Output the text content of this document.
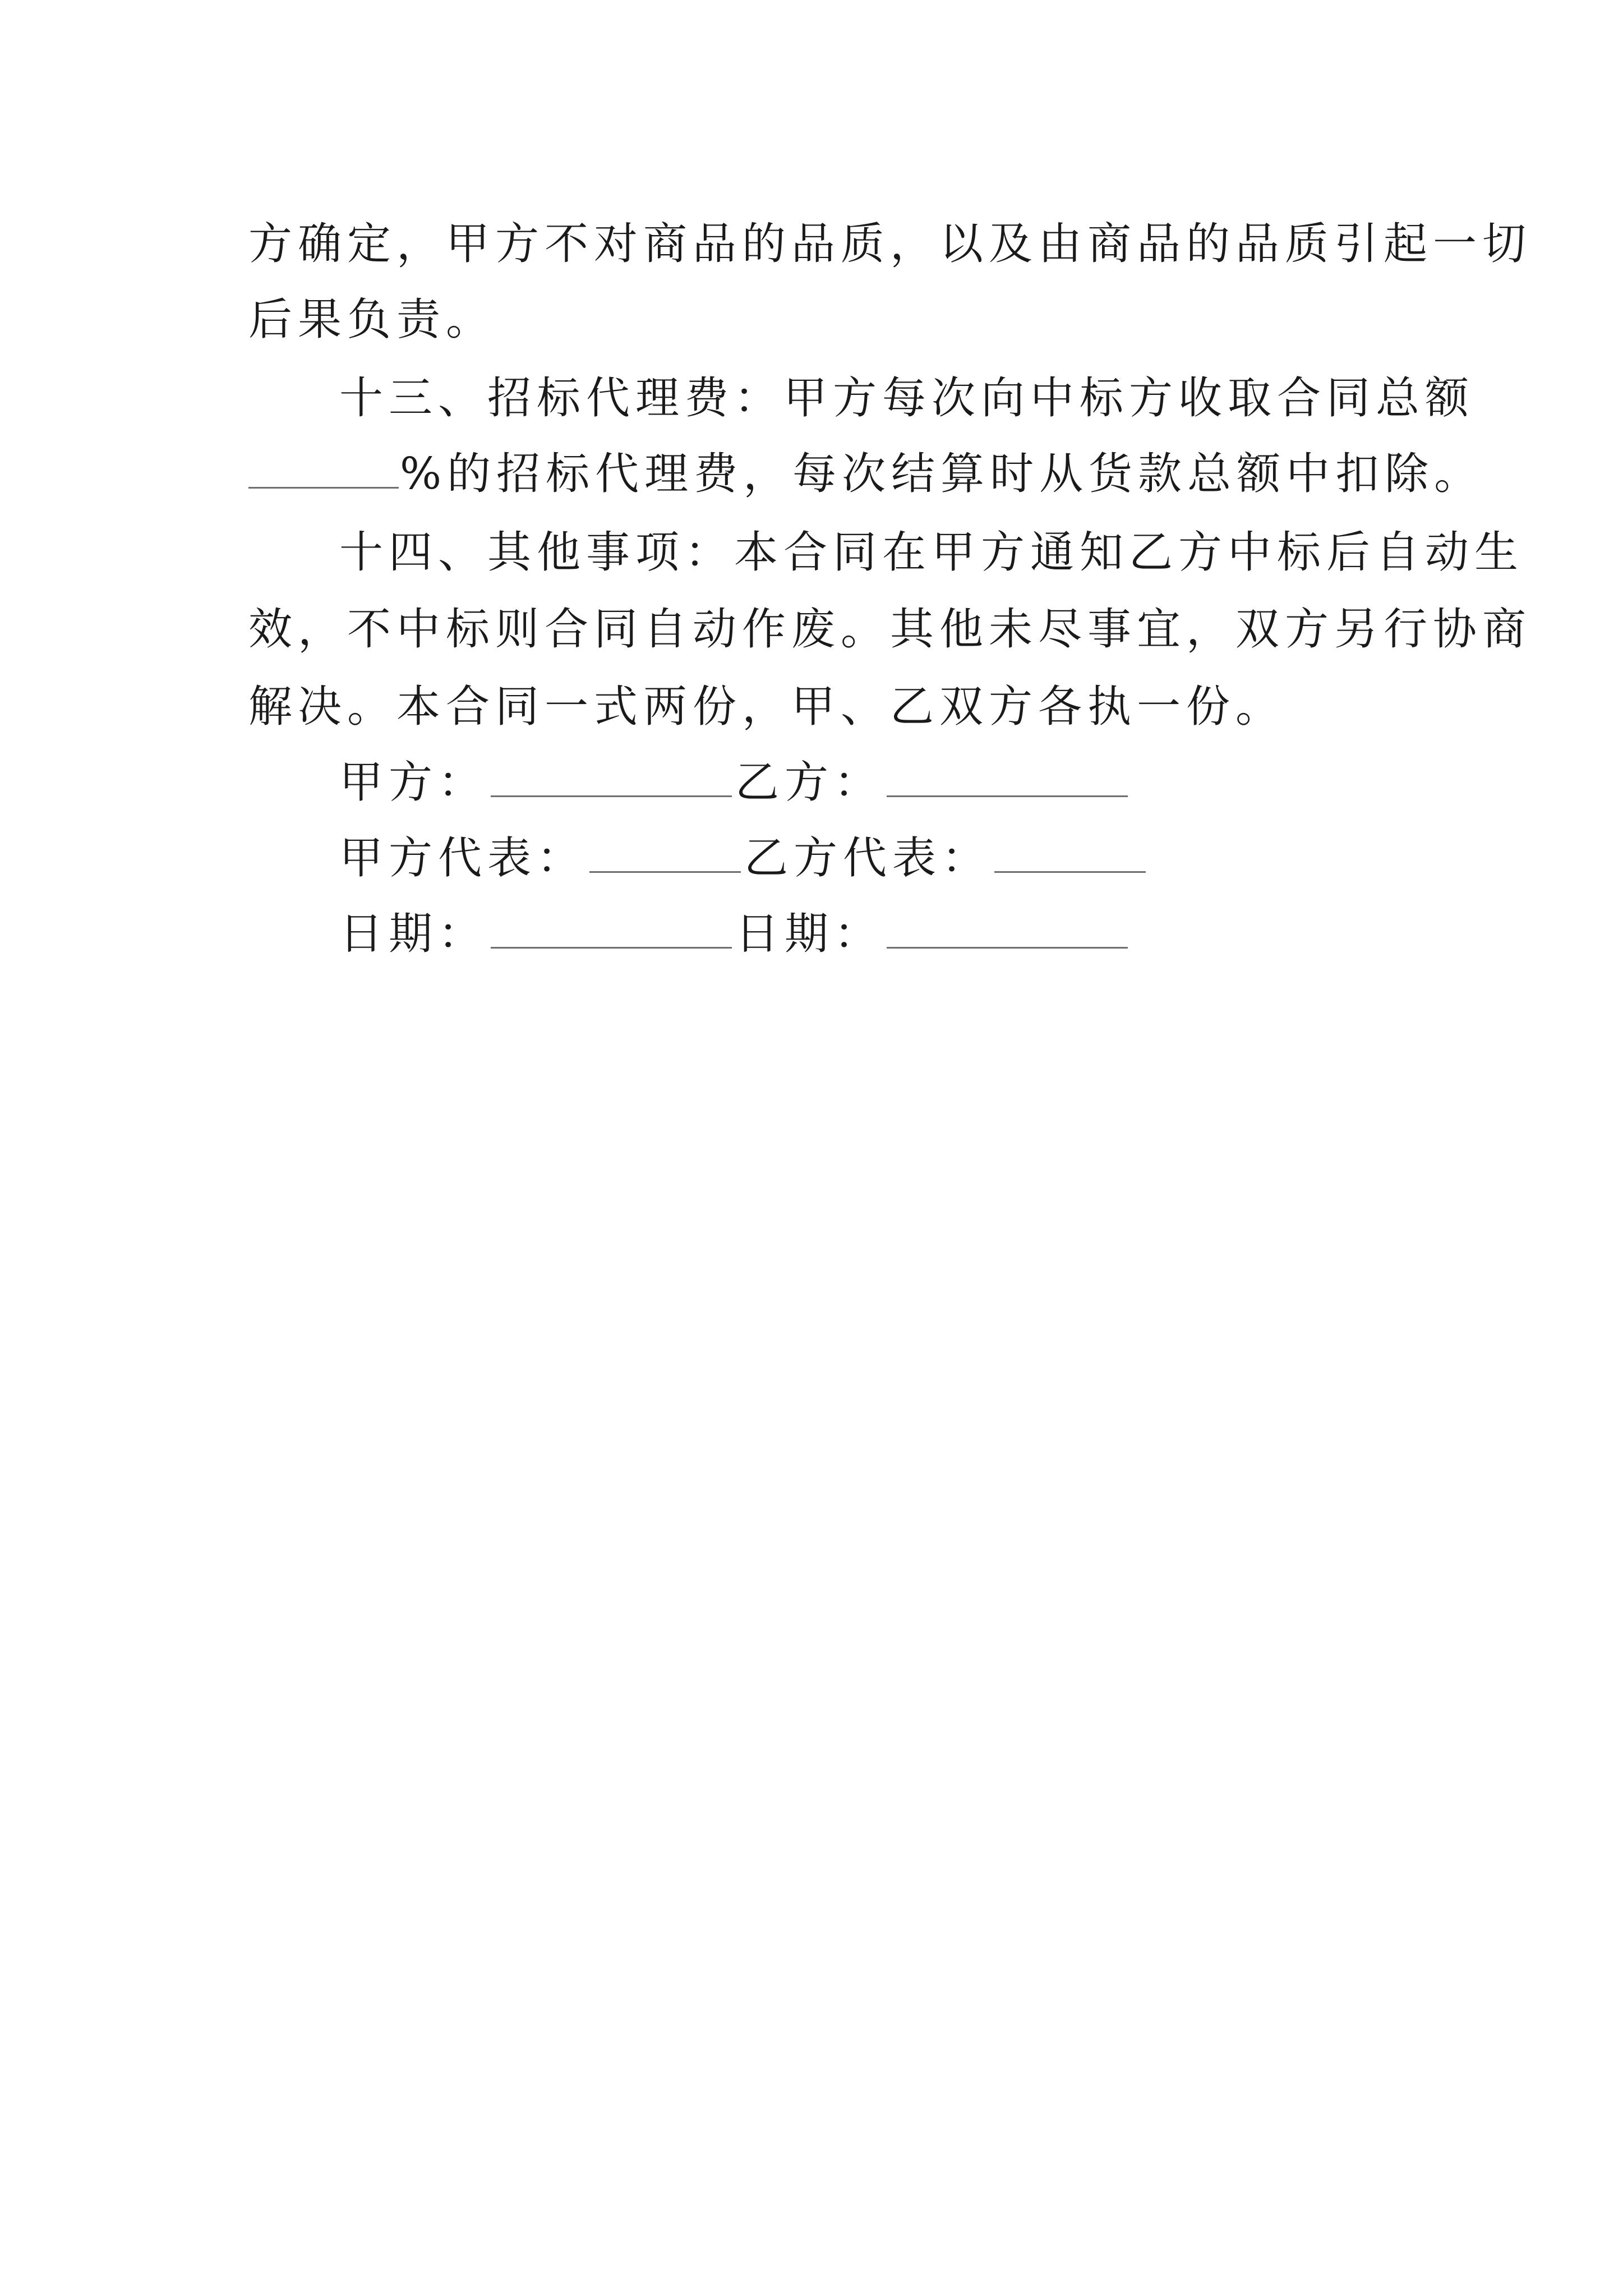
方确定，甲方不对商品的品质，以及由商品的品质引起一切
后果负责。
十三、招标代理费：甲方每次向中标方收取合同总额
%的招标代理费，每次结算时从货款总额中扣除。
十四、其他事项：本合同在甲方通知乙方中标后自动生
效，不中标则合同自动作废。其他未尽事宜，双方另行协商
解决。本合同一式两份，甲、乙双方各执一份。
甲方：	乙方：
甲方代表：	乙方代表：
日期：	日期：
